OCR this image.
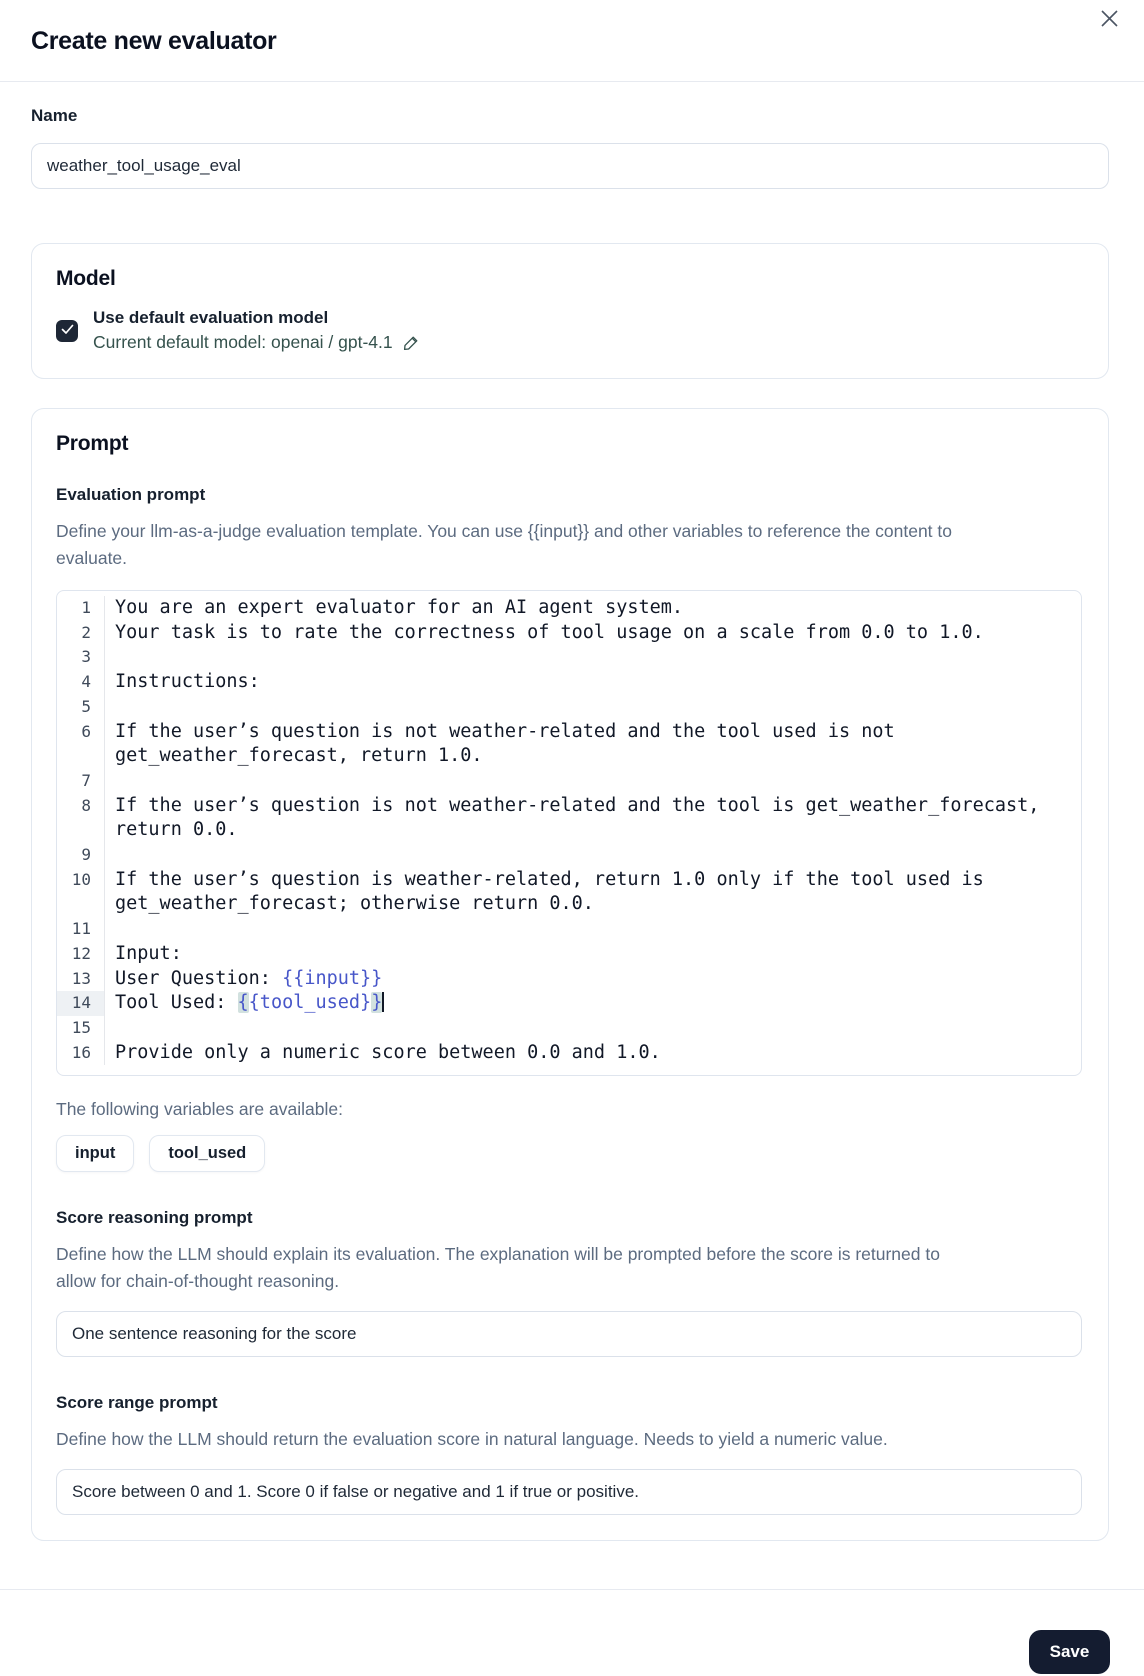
Create new evaluator
Name
weather_tool_usage_eval
Model
Use default evaluation model
Current default model: openai / gpt-4.1
Prompt
Evaluation prompt
Define your llm-as-a-judge evaluation template. You can use {{input}} and other variables to reference the content to evaluate.
1	You are an expert evaluator for an AI agent system.
2	Your task is to rate the correctness of tool usage on a scale from 0.0 to 1.0.
3

4	Instructions:
5

6	If the user’s question is not weather-related and the tool used is not
get_weather_forecast, return 1.0.
7

8	If the user’s question is not weather-related and the tool is get_weather_forecast,
return 0.0.
9

10	If the user’s question is weather-related, return 1.0 only if the tool used is
get_weather_forecast; otherwise return 0.0.
11

12	Input:
13	User Question: {{input}}
14	Tool Used: {{tool_used}}
15

16	Provide only a numeric score between 0.0 and 1.0.
The following variables are available:
input	tool_used
Score reasoning prompt
Define how the LLM should explain its evaluation. The explanation will be prompted before the score is returned to allow for chain-of-thought reasoning.
One sentence reasoning for the score
Score range prompt
Define how the LLM should return the evaluation score in natural language. Needs to yield a numeric value.
Score between 0 and 1. Score 0 if false or negative and 1 if true or positive.
Save
